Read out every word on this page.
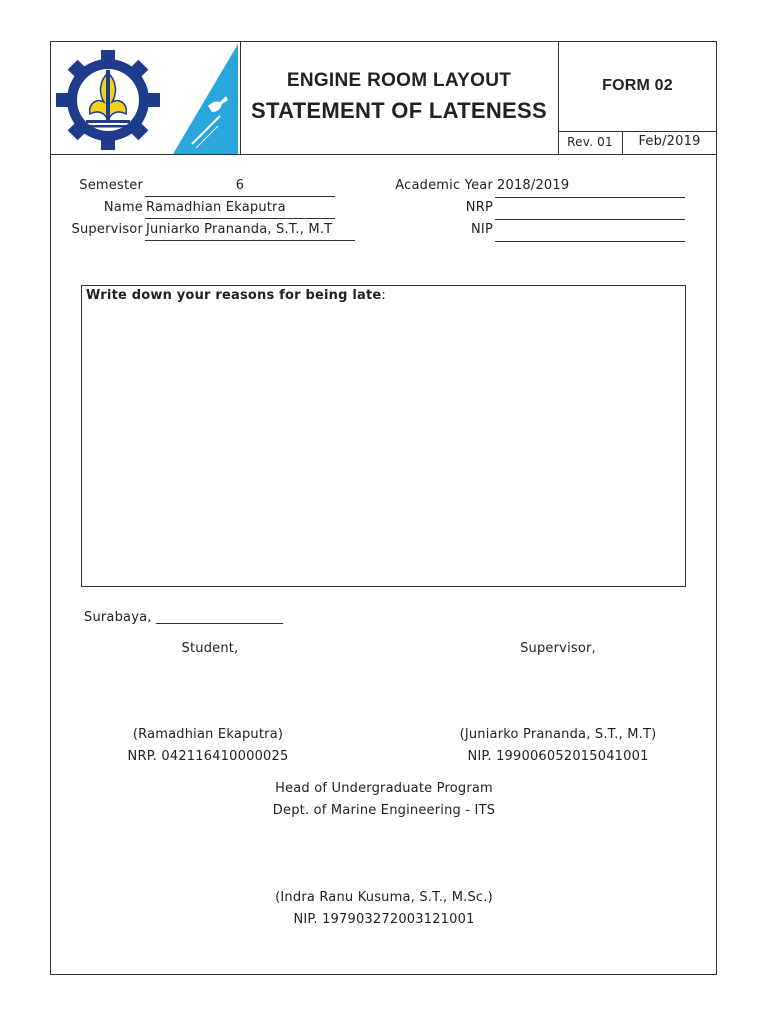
ENGINE ROOM LAYOUT
STATEMENT OF LATENESS
FORM 02
Rev. 01	Feb/2019
Semester	6
Name Ramadhian Ekaputra
Supervisor Juniarko Prananda, S.T., M.T
Academic Year 2018/2019
NRP
NIP
Write down your reasons for being late:
Surabaya, ___________________
Student,	Supervisor,
(Ramadhian Ekaputra)
NRP. 042116410000025
(Juniarko Prananda, S.T., M.T)
NIP. 199006052015041001
Head of Undergraduate Program
Dept. of Marine Engineering - ITS
(Indra Ranu Kusuma, S.T., M.Sc.)
NIP. 197903272003121001
